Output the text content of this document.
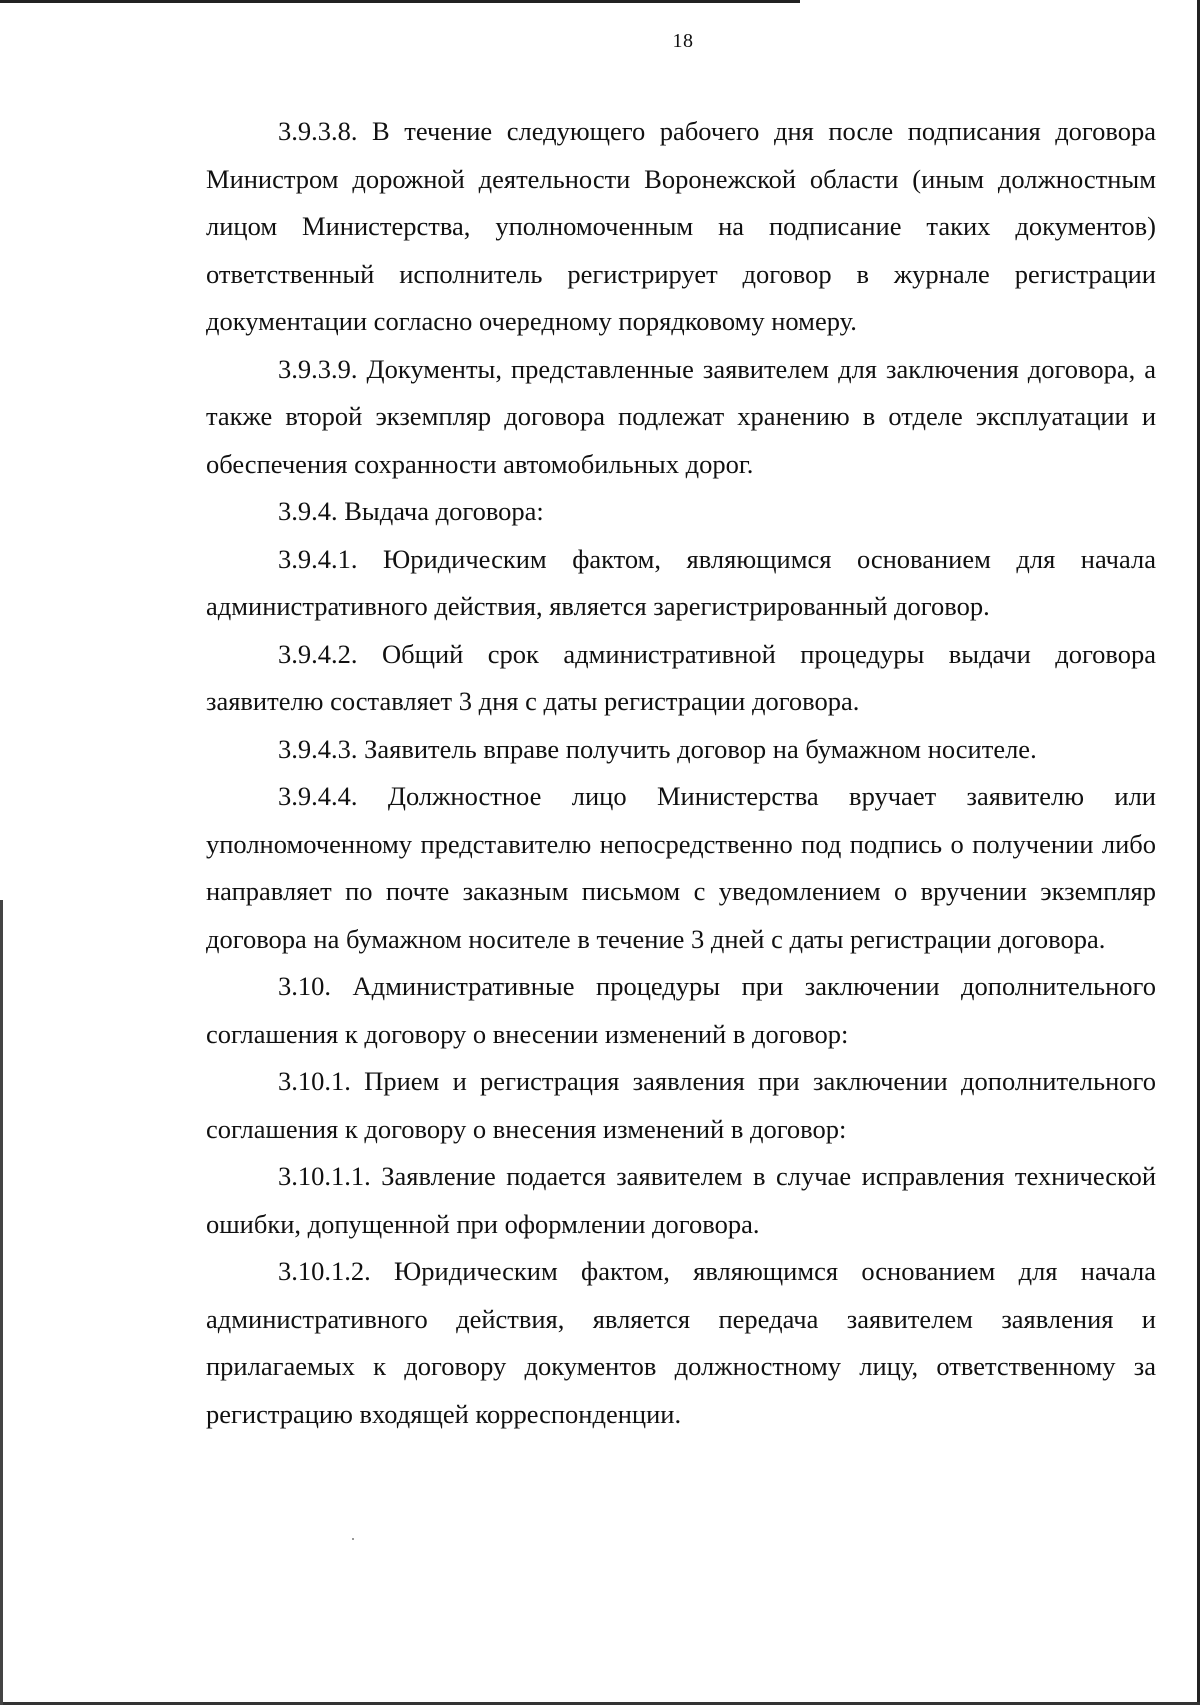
18

3.9.3.8. В течение следующего рабочего дня после подписания договора Министром дорожной деятельности Воронежской области (иным должностным лицом Министерства, уполномоченным на подписание таких документов) ответственный исполнитель регистрирует договор в журнале регистрации документации согласно очередному порядковому номеру.

3.9.3.9. Документы, представленные заявителем для заключения договора, а также второй экземпляр договора подлежат хранению в отделе эксплуатации и обеспечения сохранности автомобильных дорог.

3.9.4. Выдача договора:

3.9.4.1. Юридическим фактом, являющимся основанием для начала административного действия, является зарегистрированный договор.

3.9.4.2. Общий срок административной процедуры выдачи договора заявителю составляет 3 дня с даты регистрации договора.

3.9.4.3. Заявитель вправе получить договор на бумажном носителе.

3.9.4.4. Должностное лицо Министерства вручает заявителю или уполномоченному представителю непосредственно под подпись о получении либо направляет по почте заказным письмом с уведомлением о вручении экземпляр договора на бумажном носителе в течение 3 дней с даты регистрации договора.

3.10. Административные процедуры при заключении дополнительного соглашения к договору о внесении изменений в договор:

3.10.1. Прием и регистрация заявления при заключении дополнительного соглашения к договору о внесения изменений в договор:

3.10.1.1. Заявление подается заявителем в случае исправления технической ошибки, допущенной при оформлении договора.

3.10.1.2. Юридическим фактом, являющимся основанием для начала административного действия, является передача заявителем заявления и прилагаемых к договору документов должностному лицу, ответственному за регистрацию входящей корреспонденции.
